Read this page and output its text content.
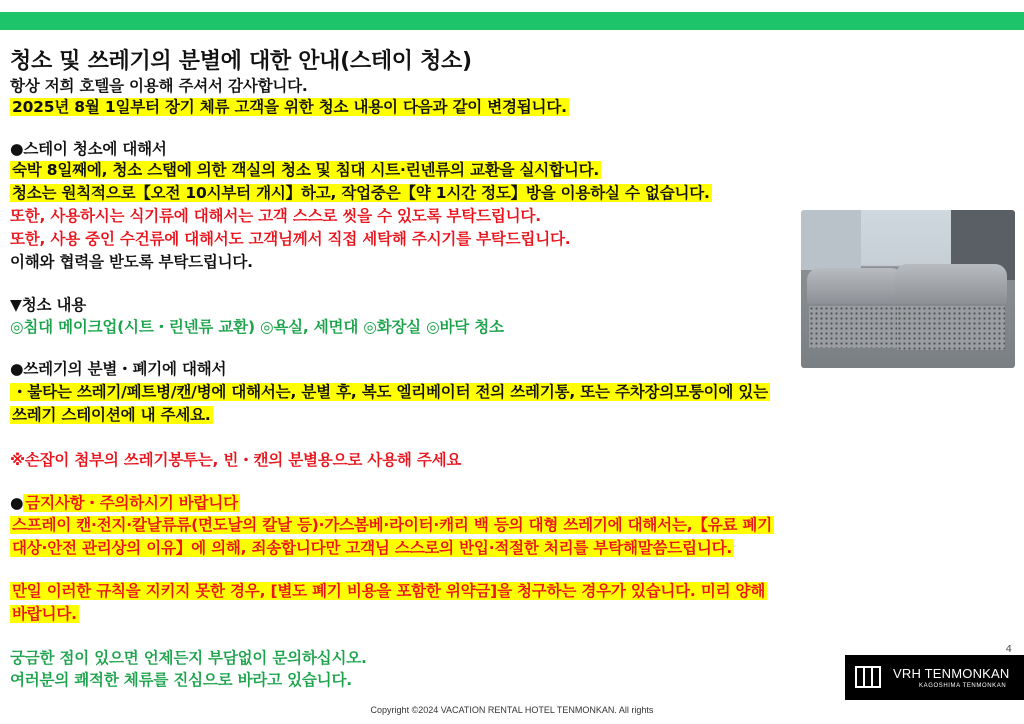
청소 및 쓰레기의 분별에 대한 안내(스테이 청소)
항상 저희 호텔을 이용해 주셔서 감사합니다.
2025년 8월 1일부터 장기 체류 고객을 위한 청소 내용이 다음과 같이 변경됩니다.
●스테이 청소에 대해서
숙박 8일째에, 청소 스탭에 의한 객실의 청소 및 침대 시트·린넨류의 교환을 실시합니다.
청소는 원칙적으로【오전 10시부터 개시】하고, 작업중은【약 1시간 정도】방을 이용하실 수 없습니다.
또한, 사용하시는 식기류에 대해서는 고객 스스로 씻을 수 있도록 부탁드립니다.
또한, 사용 중인 수건류에 대해서도 고객님께서 직접 세탁해 주시기를 부탁드립니다.
이해와 협력을 받도록 부탁드립니다.
▼청소 내용
◎침대 메이크업(시트・린넨류 교환) ◎욕실, 세면대 ◎화장실 ◎바닥 청소
●쓰레기의 분별・폐기에 대해서
・불타는 쓰레기/페트병/캔/병에 대해서는, 분별 후, 복도 엘리베이터 전의 쓰레기통, 또는 주차장의모퉁이에 있는
쓰레기 스테이션에 내 주세요.
※손잡이 첨부의 쓰레기봉투는, 빈・캔의 분별용으로 사용해 주세요
● 금지사항・주의하시기 바랍니다
스프레이 캔·전지·칼날류류(면도날의 칼날 등)·가스봄베·라이터·캐리 백 등의 대형 쓰레기에 대해서는,【유료 폐기
대상·안전 관리상의 이유】에 의해, 죄송합니다만 고객님 스스로의 반입·적절한 처리를 부탁해말씀드립니다.
만일 이러한 규칙을 지키지 못한 경우, [별도 폐기 비용을 포함한 위약금]을 청구하는 경우가 있습니다. 미리 양해
바랍니다.
궁금한 점이 있으면 언제든지 부담없이 문의하십시오.
여러분의 쾌적한 체류를 진심으로 바라고 있습니다.
4
VRH TENMONKAN
KAGOSHIMA TENMONKAN
Copyright ©2024 VACATION RENTAL HOTEL TENMONKAN. All rights
